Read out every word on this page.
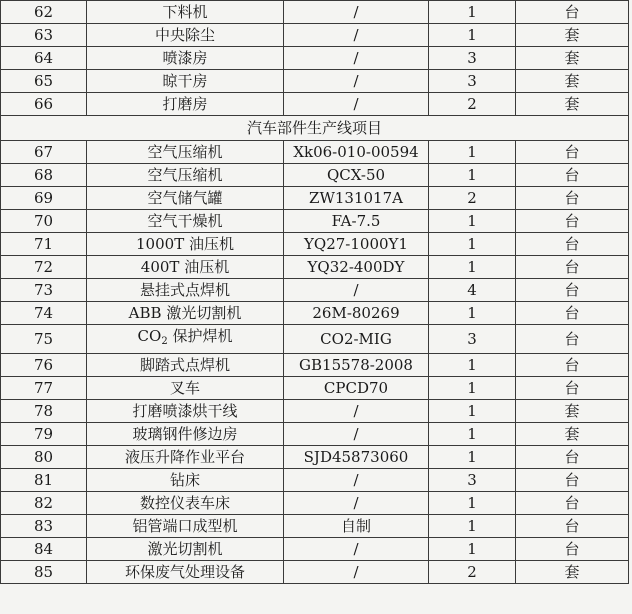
62	下料机	/	1	台
63	中央除尘	/	1	套
64	喷漆房	/	3	套
65	晾干房	/	3	套
66	打磨房	/	2	套
汽车部件生产线项目				
67	空气压缩机	Xk06-010-00594	1	台
68	空气压缩机	QCX-50	1	台
69	空气储气罐	ZW131017A	2	台
70	空气干燥机	FA-7.5	1	台
71	1000T 油压机	YQ27-1000Y1	1	台
72	400T 油压机	YQ32-400DY	1	台
73	悬挂式点焊机	/	4	台
74	ABB 激光切割机	26M-80269	1	台
75	$CO_2$ 保护焊机	CO2-MIG	3	台
76	脚踏式点焊机	GB15578-2008	1	台
77	叉车	CPCD70	1	台
78	打磨喷漆烘干线	/	1	套
79	玻璃钢件修边房	/	1	套
80	液压升降作业平台	SJD45873060	1	台
81	钻床	/	3	台
82	数控仪表车床	/	1	台
83	铝管端口成型机	自制	1	台
84	激光切割机	/	1	台
85	环保废气处理设备	/	2	套
